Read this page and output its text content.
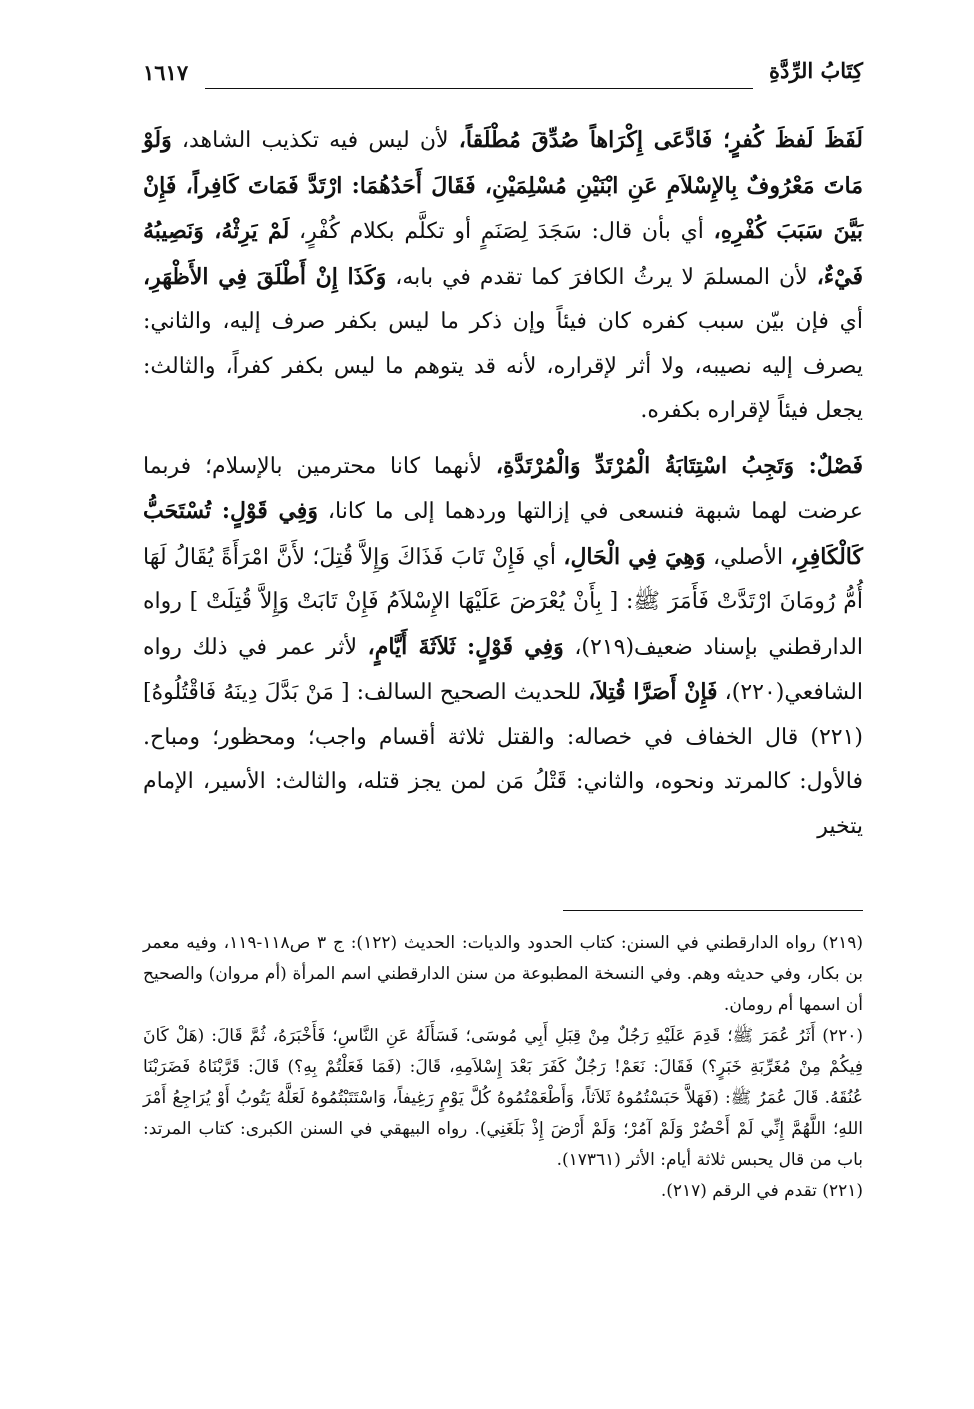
كِتَابُ الرِّدَّةِ
١٦١٧

لَفَظَ لَفظَ كُفرٍ؛ فَادَّعَى إِكْرَاهاً صُدِّقَ مُطْلَقاً، لأن ليس فيه تكذيب الشاهد، وَلَوْ مَاتَ مَعْرُوفٌ بِالإِسْلاَمِ عَنِ ابْنَيْنِ مُسْلِمَيْنِ، فَقَالَ أَحَدُهُمَا: ارْتَدَّ فَمَاتَ كَافِراً، فَإِنْ بَيَّنَ سَبَبَ كُفْرِهِ، أي بأن قال: سَجَدَ لِصَنَمٍ أو تكلَّم بكلام كُفْرٍ، لَمْ يَرِثْهُ، وَنَصِيبُهُ فَيْءٌ، لأن المسلمَ لا يرثُ الكافرَ كما تقدم في بابه، وَكَذَا إِنْ أَطْلَقَ فِي الأَظْهَرِ، أي فإن بيّن سبب كفره كان فيئاً وإن ذكر ما ليس بكفر صرف إليه، والثاني: يصرف إليه نصيبه، ولا أثر لإقراره، لأنه قد يتوهم ما ليس بكفر كفراً، والثالث: يجعل فيئاً لإقراره بكفره.

فَصْلٌ: وَتَجِبُ اسْتِتَابَةُ الْمُرْتَدِّ وَالْمُرْتَدَّةِ، لأنهما كانا محترمين بالإسلام؛ فربما عرضت لهما شبهة فنسعى في إزالتها وردهما إلى ما كانا، وَفِي قَوْلٍ: تُسْتَحَبُّ كَالْكَافِرِ، الأصلي، وَهِيَ فِي الْحَالِ، أي فَإِنْ تَابَ فَذَاكَ وَإِلاَّ قُتِلَ؛ لأَنَّ امْرَأَةً يُقَالُ لَهَا أُمُّ رُومَانَ ارْتَدَّتْ فَأَمَرَ ﷺ: [ بِأَنْ يُعْرَضَ عَلَيْهَا الإِسْلاَمُ فَإِنْ تَابَتْ وَإِلاَّ قُتِلَتْ ] رواه الدارقطني بإسناد ضعيف(٢١٩)، وَفِي قَوْلٍ: ثَلاَثَةَ أَيَّامٍ، لأثر عمر في ذلك رواه الشافعي(٢٢٠)، فَإِنْ أَصَرَّا قُتِلاَ، للحديث الصحيح السالف: [ مَنْ بَدَّلَ دِينَهُ فَاقْتُلُوهُ](٢٢١) قال الخفاف في خصاله: والقتل ثلاثة أقسام واجب؛ ومحظور؛ ومباح. فالأول: كالمرتد ونحوه، والثاني: قَتْلُ مَن لمن يجز قتله، والثالث: الأسير، الإمام يتخير

(٢١٩) رواه الدارقطني في السنن: كتاب الحدود والديات: الحديث (١٢٢): ج ٣ ص١١٨-١١٩، وفيه معمر بن بكار، وفي حديثه وهم. وفي النسخة المطبوعة من سنن الدارقطني اسم المرأة (أم مروان) والصحيح أن اسمها أم رومان.

(٢٢٠) أَثَرُ عُمَرَ ﷺ؛ قَدِمَ عَلَيْهِ رَجُلٌ مِنْ قِبَلِ أَبِي مُوسَى؛ فَسَأَلَهُ عَنِ النَّاسِ؛ فَأَخْبَرَهُ، ثُمَّ قَالَ: (هَلْ كَانَ فِيكُمْ مِنْ مُغَرِّبَةِ خَبَرٍ؟) فَقَالَ: نَعَمْ! رَجُلٌ كَفَرَ بَعْدَ إِسْلاَمِهِ، قَالَ: (فَمَا فَعَلْتُمْ بِهِ؟) قَالَ: قَرَّبْنَاهُ فَضَرَبْنَا عُنُقَهُ. قَالَ عُمَرُ ﷺ: (فَهَلاَّ حَبَسْتُمُوهُ ثَلاَثاً، وَأَطْعَمْتُمُوهُ كُلَّ يَوْمٍ رَغِيفاً، وَاسْتَتَبْتُمُوهُ لَعَلَّهُ يَتُوبُ أَوْ يُرَاجِعُ أَمْرَ اللهِ؛ اللَّهُمَّ إِنِّي لَمْ أَحْضُرْ وَلَمْ آمُرْ؛ وَلَمْ أَرْضَ إِذْ بَلَغَنِي). رواه البيهقي في السنن الكبرى: كتاب المرتد: باب من قال يحبس ثلاثة أيام: الأثر (١٧٣٦١).

(٢٢١) تقدم في الرقم (٢١٧).
